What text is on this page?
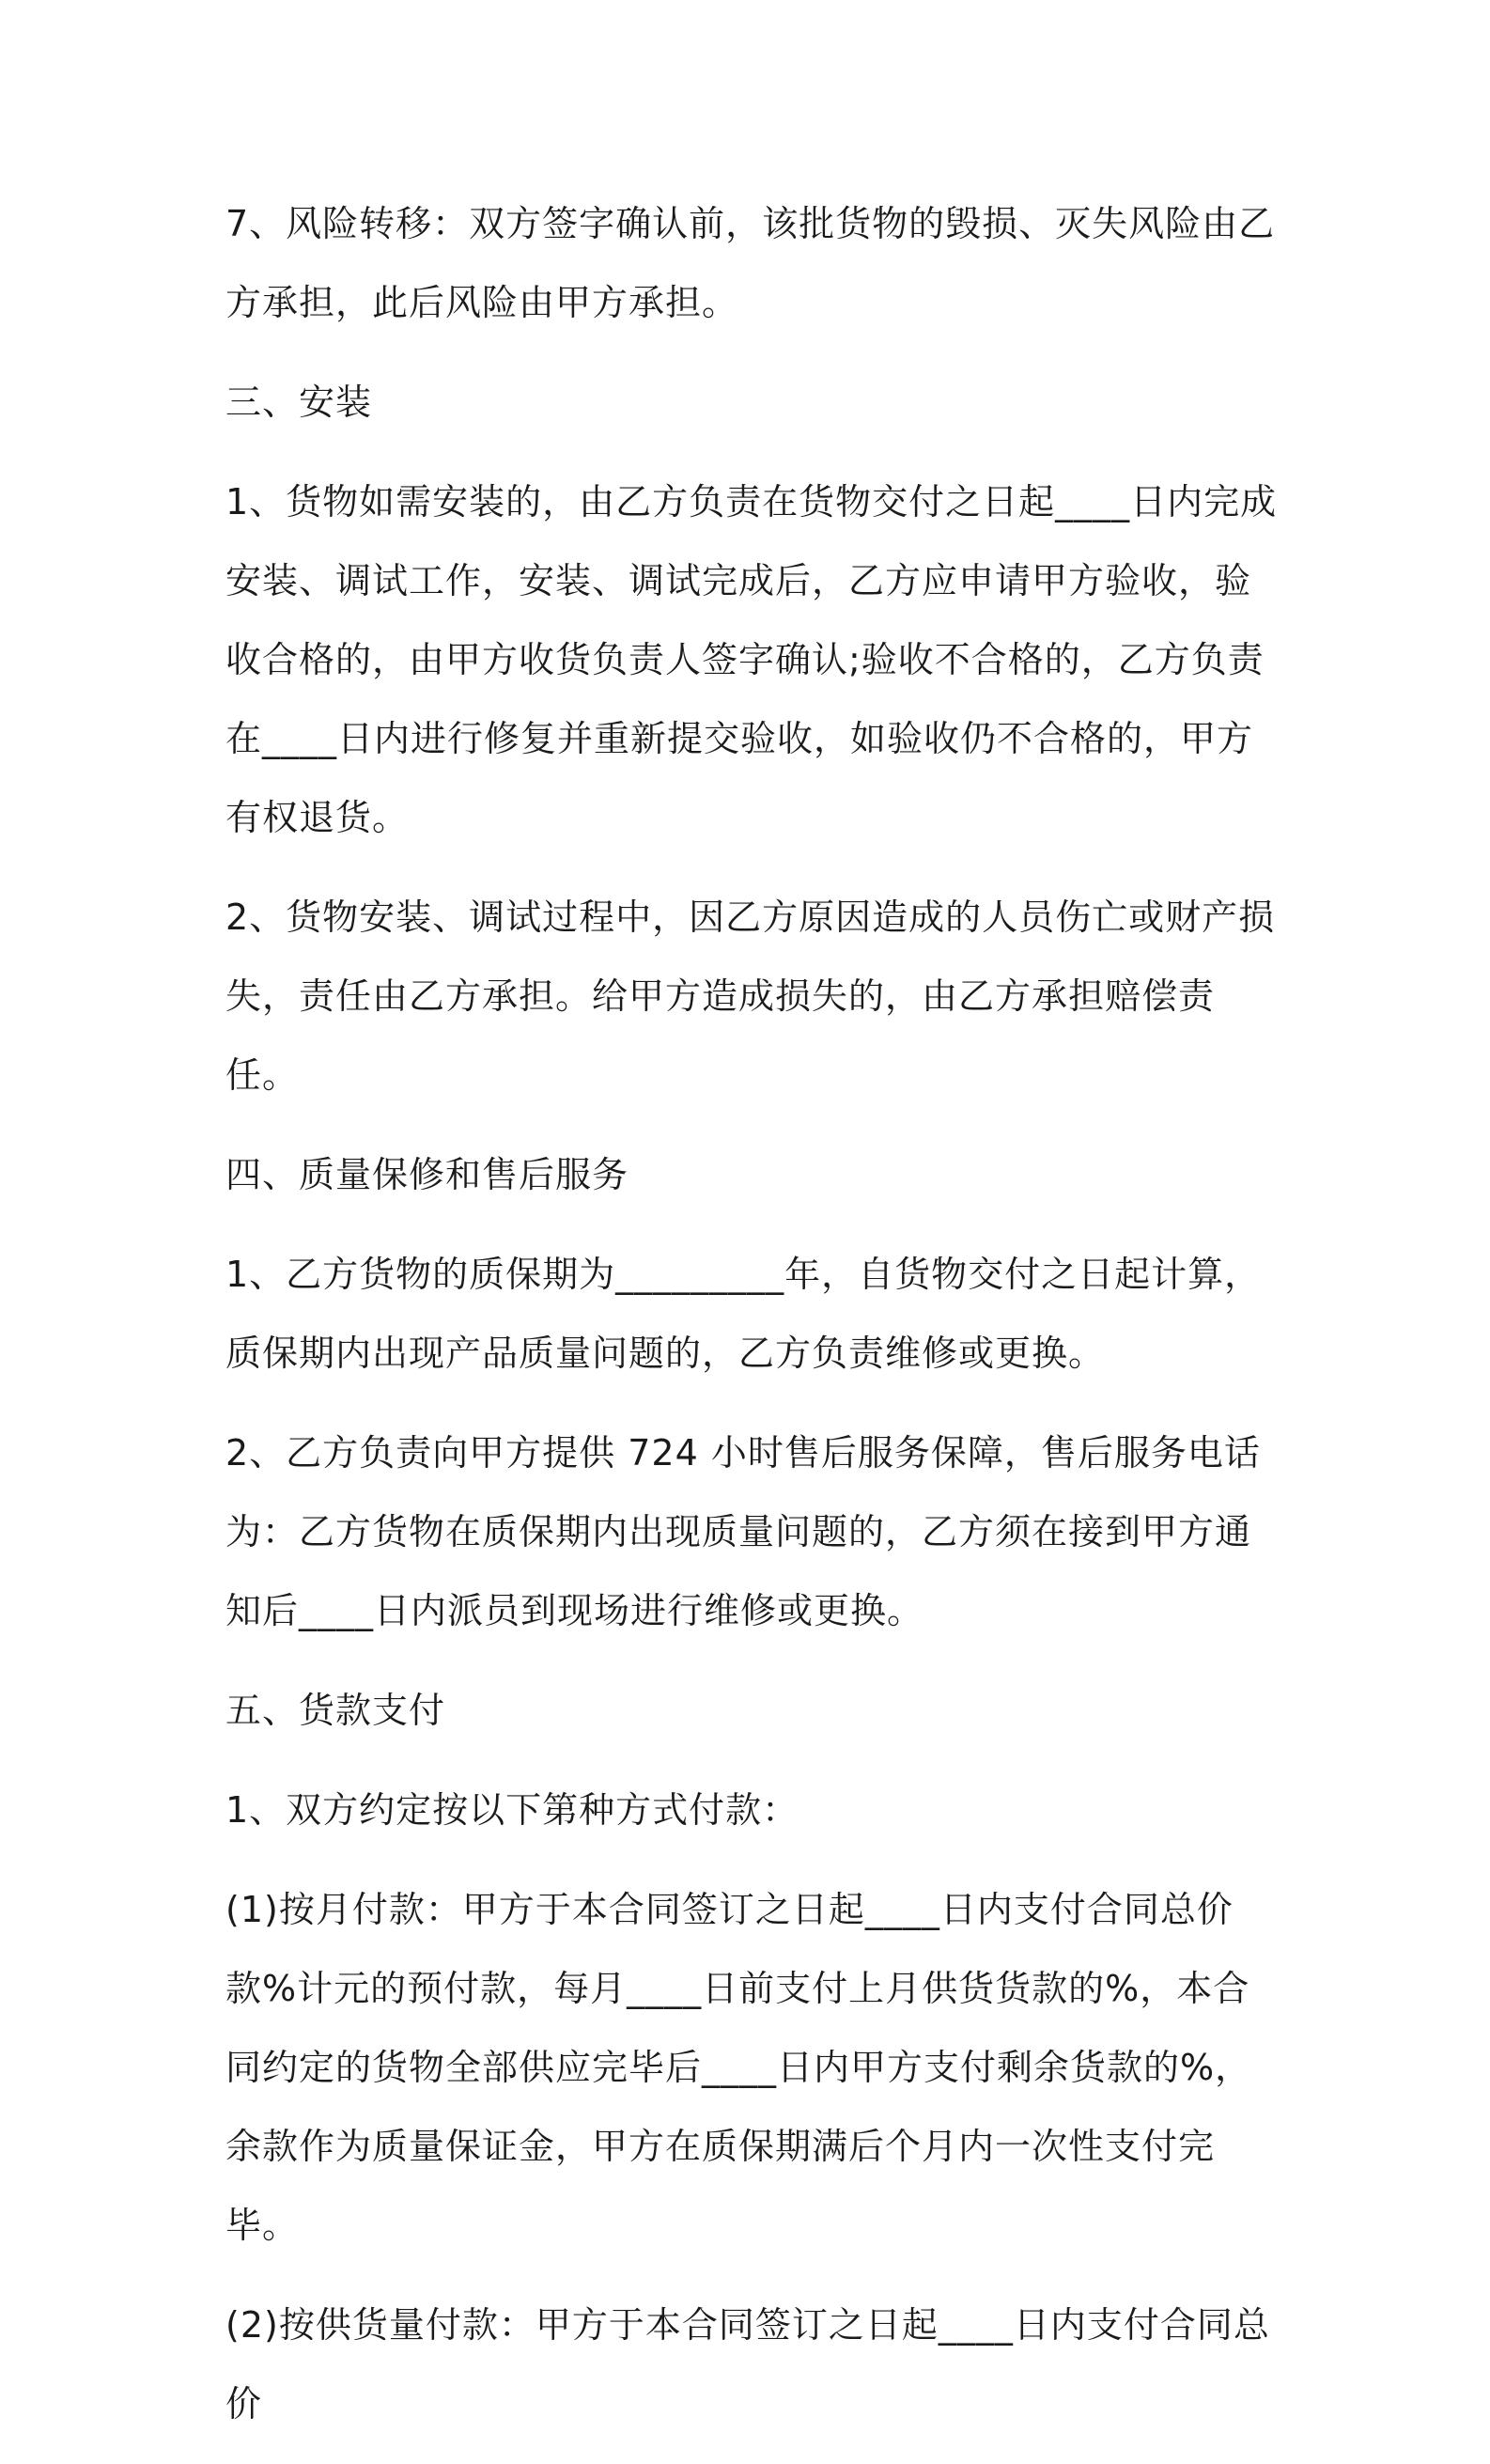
7、风险转移：双方签字确认前，该批货物的毁损、灭失风险由乙方承担，此后风险由甲方承担。

三、安装

1、货物如需安装的，由乙方负责在货物交付之日起____日内完成安装、调试工作，安装、调试完成后，乙方应申请甲方验收，验收合格的，由甲方收货负责人签字确认;验收不合格的，乙方负责在____日内进行修复并重新提交验收，如验收仍不合格的，甲方有权退货。

2、货物安装、调试过程中，因乙方原因造成的人员伤亡或财产损失，责任由乙方承担。给甲方造成损失的，由乙方承担赔偿责任。

四、质量保修和售后服务

1、乙方货物的质保期为_________年，自货物交付之日起计算，质保期内出现产品质量问题的，乙方负责维修或更换。

2、乙方负责向甲方提供 724 小时售后服务保障，售后服务电话为：乙方货物在质保期内出现质量问题的，乙方须在接到甲方通知后____日内派员到现场进行维修或更换。

五、货款支付

1、双方约定按以下第种方式付款：

(1)按月付款：甲方于本合同签订之日起____日内支付合同总价款%计元的预付款，每月____日前支付上月供货货款的%，本合同约定的货物全部供应完毕后____日内甲方支付剩余货款的%，余款作为质量保证金，甲方在质保期满后个月内一次性支付完毕。

(2)按供货量付款：甲方于本合同签订之日起____日内支付合同总价
